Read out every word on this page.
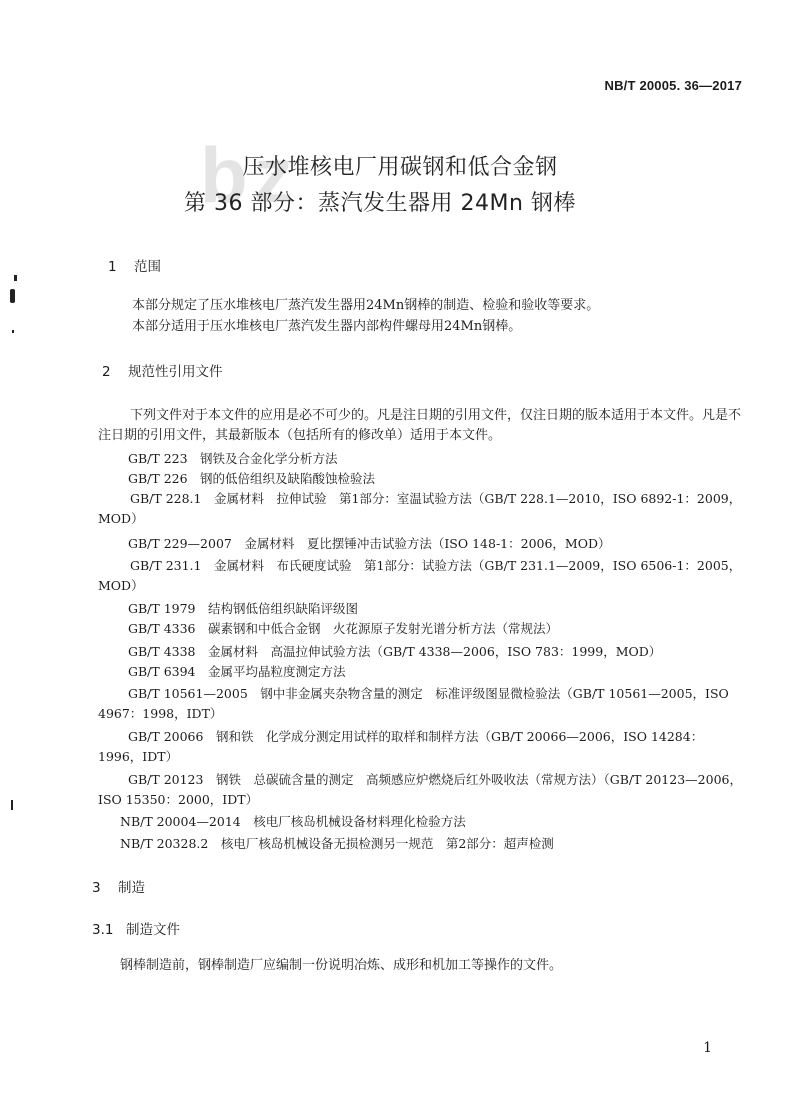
bz
NB/T 20005. 36—2017
压水堆核电厂用碳钢和低合金钢
第 36 部分：蒸汽发生器用 24Mn 钢棒
1 范围
本部分规定了压水堆核电厂蒸汽发生器用24Mn钢棒的制造、检验和验收等要求。
本部分适用于压水堆核电厂蒸汽发生器内部构件螺母用24Mn钢棒。
2 规范性引用文件
下列文件对于本文件的应用是必不可少的。凡是注日期的引用文件，仅注日期的版本适用于本文件。凡是不注日期的引用文件，其最新版本（包括所有的修改单）适用于本文件。
GB/T 223　钢铁及合金化学分析方法
GB/T 226　钢的低倍组织及缺陷酸蚀检验法
GB/T 228.1　金属材料　拉伸试验　第1部分：室温试验方法（GB/T 228.1—2010，ISO 6892-1：2009，MOD）
GB/T 229—2007　金属材料　夏比摆锤冲击试验方法（ISO 148-1：2006，MOD）
GB/T 231.1　金属材料　布氏硬度试验　第1部分：试验方法（GB/T 231.1—2009，ISO 6506-1：2005，MOD）
GB/T 1979　结构钢低倍组织缺陷评级图
GB/T 4336　碳素钢和中低合金钢　火花源原子发射光谱分析方法（常规法）
GB/T 4338　金属材料　高温拉伸试验方法（GB/T 4338—2006，ISO 783：1999，MOD）
GB/T 6394　金属平均晶粒度测定方法
GB/T 10561—2005　钢中非金属夹杂物含量的测定　标准评级图显微检验法（GB/T 10561—2005，ISO 4967：1998，IDT）
GB/T 20066　钢和铁　化学成分测定用试样的取样和制样方法（GB/T 20066—2006，ISO 14284：1996，IDT）
GB/T 20123　钢铁　总碳硫含量的测定　高频感应炉燃烧后红外吸收法（常规方法）（GB/T 20123—2006，ISO 15350：2000，IDT）
NB/T 20004—2014　核电厂核岛机械设备材料理化检验方法
NB/T 20328.2　核电厂核岛机械设备无损检测另一规范　第2部分：超声检测
3 制造
3.1 制造文件
钢棒制造前，钢棒制造厂应编制一份说明冶炼、成形和机加工等操作的文件。
1
